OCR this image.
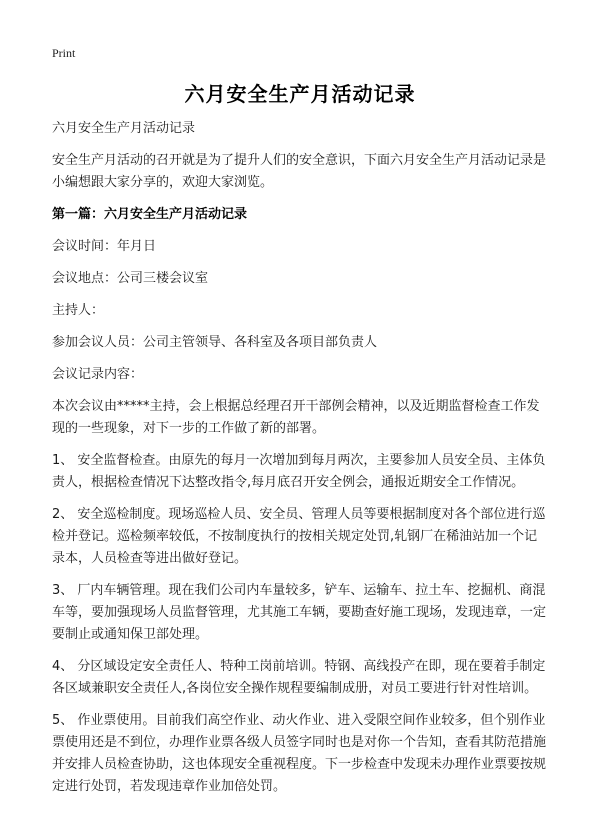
Print
六月安全生产月活动记录

六月安全生产月活动记录

安全生产月活动的召开就是为了提升人们的安全意识，下面六月安全生产月活动记录是小编想跟大家分享的，欢迎大家浏览。

第一篇：六月安全生产月活动记录

会议时间：年月日

会议地点：公司三楼会议室

主持人：

参加会议人员：公司主管领导、各科室及各项目部负责人

会议记录内容：

本次会议由*****主持，会上根据总经理召开干部例会精神，以及近期监督检查工作发现的一些现象，对下一步的工作做了新的部署。

1、 安全监督检查。由原先的每月一次增加到每月两次，主要参加人员安全员、主体负责人，根据检查情况下达整改指令,每月底召开安全例会，通报近期安全工作情况。

2、 安全巡检制度。现场巡检人员、安全员、管理人员等要根据制度对各个部位进行巡检并登记。巡检频率较低，不按制度执行的按相关规定处罚,轧钢厂在稀油站加一个记录本，人员检查等进出做好登记。

3、 厂内车辆管理。现在我们公司内车量较多，铲车、运输车、拉土车、挖掘机、商混车等，要加强现场人员监督管理，尤其施工车辆，要勘查好施工现场，发现违章，一定要制止或通知保卫部处理。

4、 分区域设定安全责任人、特种工岗前培训。特钢、高线投产在即，现在要着手制定各区域兼职安全责任人,各岗位安全操作规程要编制成册，对员工要进行针对性培训。

5、 作业票使用。目前我们高空作业、动火作业、进入受限空间作业较多，但个别作业票使用还是不到位，办理作业票各级人员签字同时也是对你一个告知，查看其防范措施并安排人员检查协助，这也体现安全重视程度。下一步检查中发现未办理作业票要按规定进行处罚，若发现违章作业加倍处罚。
